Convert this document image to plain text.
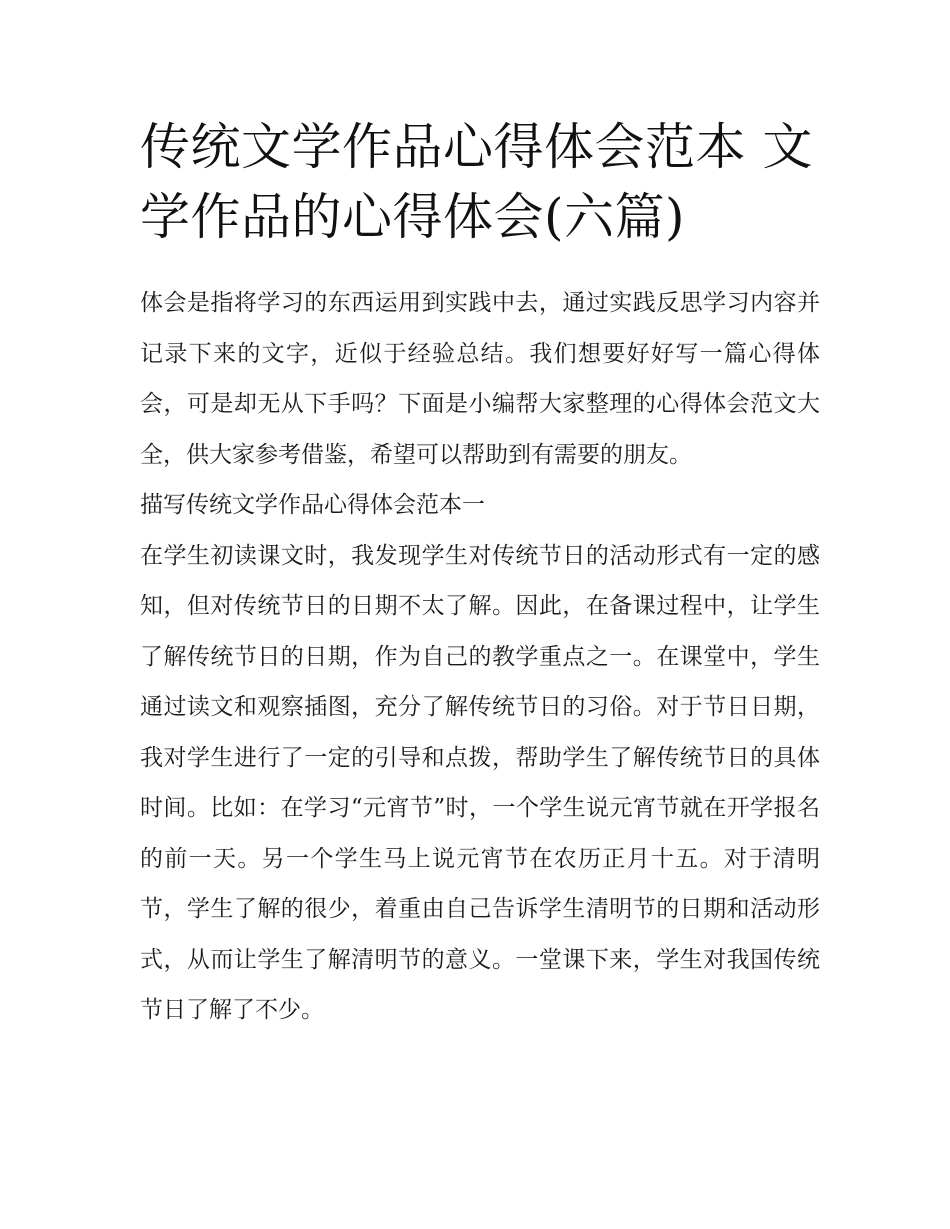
传统文学作品心得体会范本 文学作品的心得体会(六篇)

体会是指将学习的东西运用到实践中去，通过实践反思学习内容并记录下来的文字，近似于经验总结。我们想要好好写一篇心得体会，可是却无从下手吗？下面是小编帮大家整理的心得体会范文大全，供大家参考借鉴，希望可以帮助到有需要的朋友。

描写传统文学作品心得体会范本一

在学生初读课文时，我发现学生对传统节日的活动形式有一定的感知，但对传统节日的日期不太了解。因此，在备课过程中，让学生了解传统节日的日期，作为自己的教学重点之一。在课堂中，学生通过读文和观察插图，充分了解传统节日的习俗。对于节日日期，我对学生进行了一定的引导和点拨，帮助学生了解传统节日的具体时间。比如：在学习“元宵节”时，一个学生说元宵节就在开学报名的前一天。另一个学生马上说元宵节在农历正月十五。对于清明节，学生了解的很少，着重由自己告诉学生清明节的日期和活动形式，从而让学生了解清明节的意义。一堂课下来，学生对我国传统节日了解了不少。
